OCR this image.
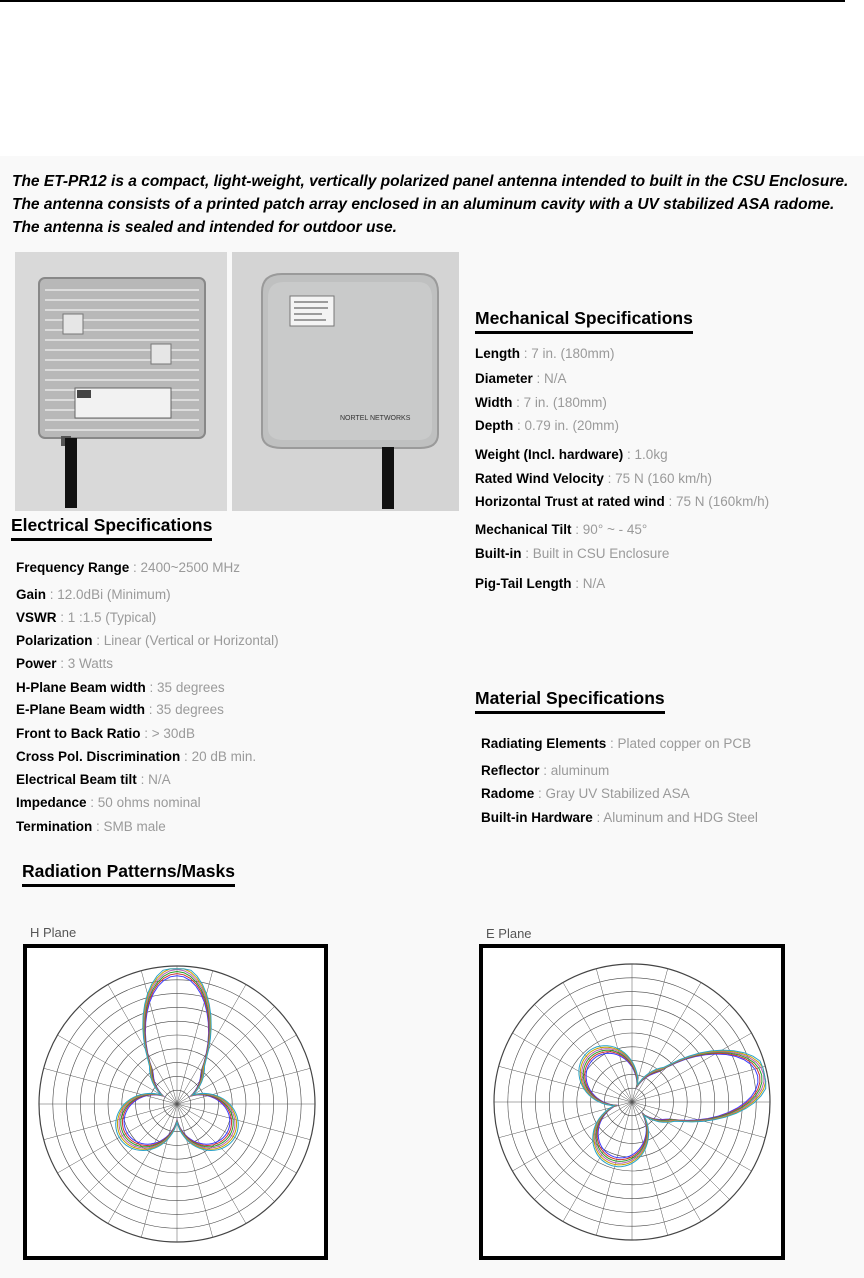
The ET-PR12 is a compact, light-weight, vertically polarized panel antenna intended to built in the CSU Enclosure. The antenna consists of a printed patch array enclosed in an aluminum cavity with a UV stabilized ASA radome. The antenna is sealed and intended for outdoor use.

NORTEL NETWORKS
Mechanical Specifications
Length : 7 in. (180mm)
Diameter : N/A
Width : 7 in. (180mm)
Depth : 0.79 in. (20mm)
Weight (Incl. hardware) : 1.0kg
Rated Wind Velocity : 75 N (160 km/h)
Horizontal Trust at rated wind : 75 N (160km/h)
Mechanical Tilt : 90° ~ - 45°
Built-in : Built in CSU Enclosure
Pig-Tail Length : N/A
Electrical Specifications
Frequency Range : 2400~2500 MHz
Gain : 12.0dBi (Minimum)
VSWR : 1 :1.5 (Typical)
Polarization : Linear (Vertical or Horizontal)
Power : 3 Watts
H-Plane Beam width : 35 degrees
E-Plane Beam width : 35 degrees
Front to Back Ratio : > 30dB
Cross Pol. Discrimination : 20 dB min.
Electrical Beam tilt : N/A
Impedance : 50 ohms nominal
Termination : SMB male
Material Specifications
Radiating Elements : Plated copper on PCB
Reflector : aluminum
Radome : Gray UV Stabilized ASA
Built-in Hardware : Aluminum and HDG Steel
Radiation Patterns/Masks
H Plane	E Plane
